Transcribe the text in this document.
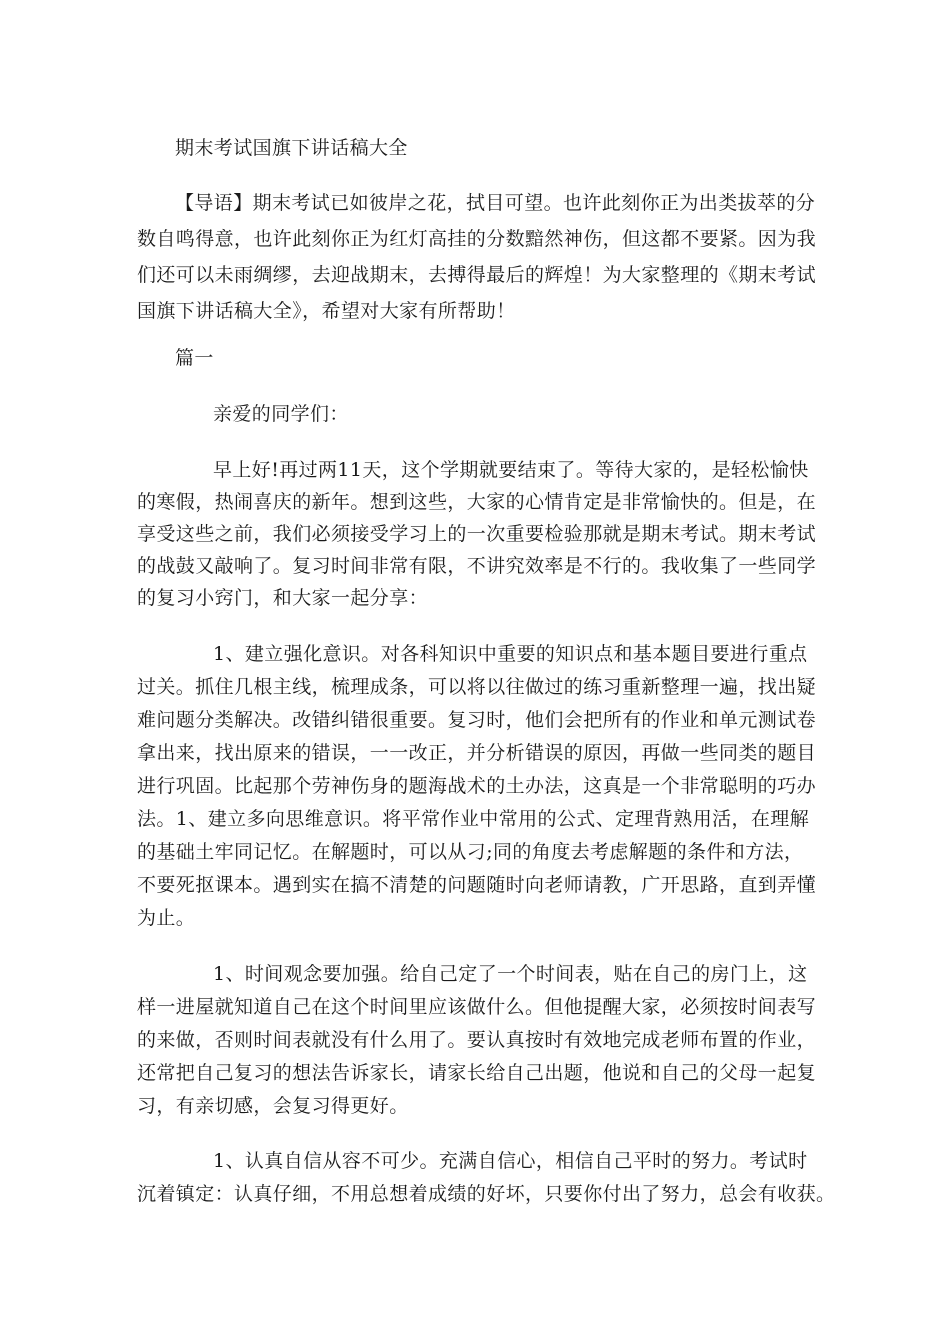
期末考试国旗下讲话稿大全
【导语】期末考试已如彼岸之花，拭目可望。也许此刻你正为出类拔萃的分
数自鸣得意，也许此刻你正为红灯高挂的分数黯然神伤，但这都不要紧。因为我
们还可以未雨绸缪，去迎战期末，去搏得最后的辉煌！为大家整理的《期末考试
国旗下讲话稿大全》，希望对大家有所帮助！
篇一
亲爱的同学们：
早上好!再过两11天，这个学期就要结束了。等待大家的，是轻松愉快
的寒假，热闹喜庆的新年。想到这些，大家的心情肯定是非常愉快的。但是，在
享受这些之前，我们必须接受学习上的一次重要检验那就是期末考试。期末考试
的战鼓又敲响了。复习时间非常有限，不讲究效率是不行的。我收集了一些同学
的复习小窍门，和大家一起分享：
1、建立强化意识。对各科知识中重要的知识点和基本题目要进行重点
过关。抓住几根主线，梳理成条，可以将以往做过的练习重新整理一遍，找出疑
难问题分类解决。改错纠错很重要。复习时，他们会把所有的作业和单元测试卷
拿出来，找出原来的错误，一一改正，并分析错误的原因，再做一些同类的题目
进行巩固。比起那个劳神伤身的题海战术的土办法，这真是一个非常聪明的巧办
法。1、建立多向思维意识。将平常作业中常用的公式、定理背熟用活，在理解
的基础土牢同记忆。在解题时，可以从刁;同的角度去考虑解题的条件和方法，
不要死抠课本。遇到实在搞不清楚的问题随时向老师请教，广开思路，直到弄懂
为止。
1、时间观念要加强。给自己定了一个时间表，贴在自己的房门上，这
样一进屋就知道自己在这个时间里应该做什么。但他提醒大家，必须按时间表写
的来做，否则时间表就没有什么用了。要认真按时有效地完成老师布置的作业，
还常把自己复习的想法告诉家长，请家长给自己出题，他说和自己的父母一起复
习，有亲切感，会复习得更好。
1、认真自信从容不可少。充满自信心，相信自己平时的努力。考试时
沉着镇定：认真仔细，不用总想着成绩的好坏，只要你付出了努力，总会有收获。
